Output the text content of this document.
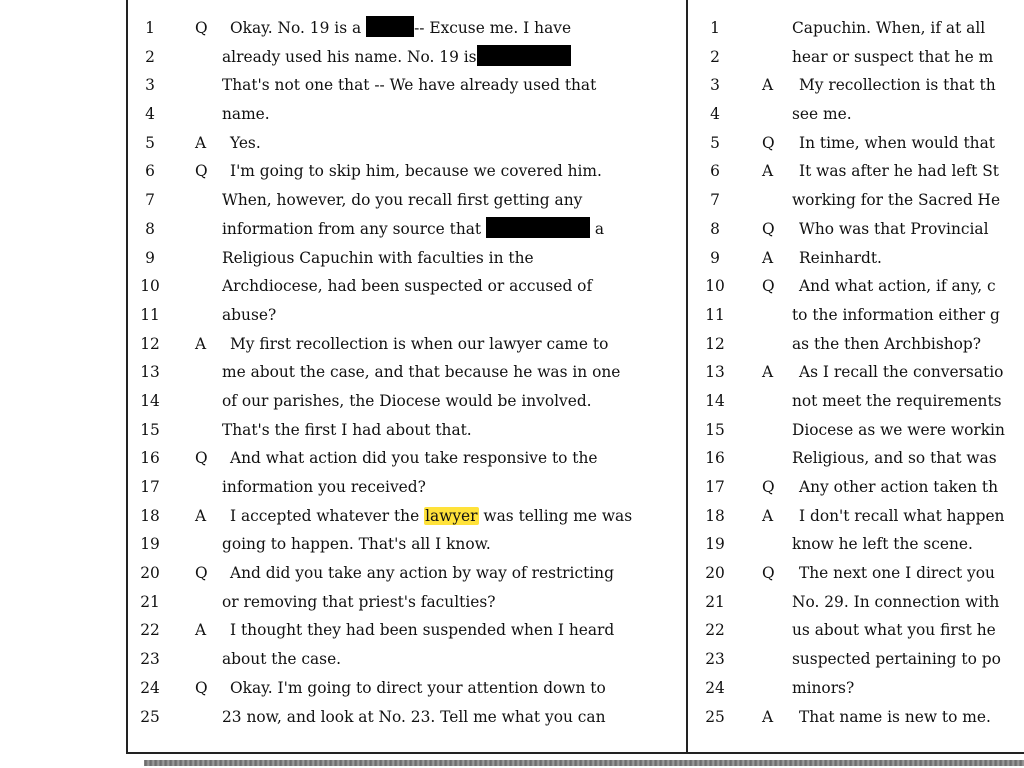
1	Q Okay. No. 19 is a	-- Excuse me. I have
2	already used his name. No. 19 is
3	That's not one that -- We have already used that
4	name.
5	A Yes.
6	Q I'm going to skip him, because we covered him.
7	When, however, do you recall first getting any
8	information from any source that	a
9	Religious Capuchin with faculties in the
10	Archdiocese, had been suspected or accused of
11	abuse?
12 A My first recollection is when our lawyer came to
13	me about the case, and that because he was in one
14	of our parishes, the Diocese would be involved.
15	That's the first I had about that.
16 Q And what action did you take responsive to the
17	information you received?
18 A I accepted whatever the lawyer was telling me was
19	going to happen. That's all I know.
20 Q And did you take any action by way of restricting
21	or removing that priest's faculties?
22 A I thought they had been suspended when I heard
23	about the case.
24 Q Okay. I'm going to direct your attention down to
25	23 now, and look at No. 23. Tell me what you can
1	Capuchin. When, if at all
2	hear or suspect that he m
3	A My recollection is that th
4	see me.
5	Q In time, when would that
6	A It was after he had left St
7	working for the Sacred He
8	Q Who was that Provincial
9	A Reinhardt.
10 Q And what action, if any, c
11	to the information either g
12	as the then Archbishop?
13 A As I recall the conversatio
14	not meet the requirements
15	Diocese as we were workin
16	Religious, and so that was
17 Q Any other action taken th
18 A I don't recall what happen
19	know he left the scene.
20 Q The next one I direct you
21	No. 29. In connection with
22	us about what you first he
23	suspected pertaining to po
24	minors?
25 A That name is new to me.
